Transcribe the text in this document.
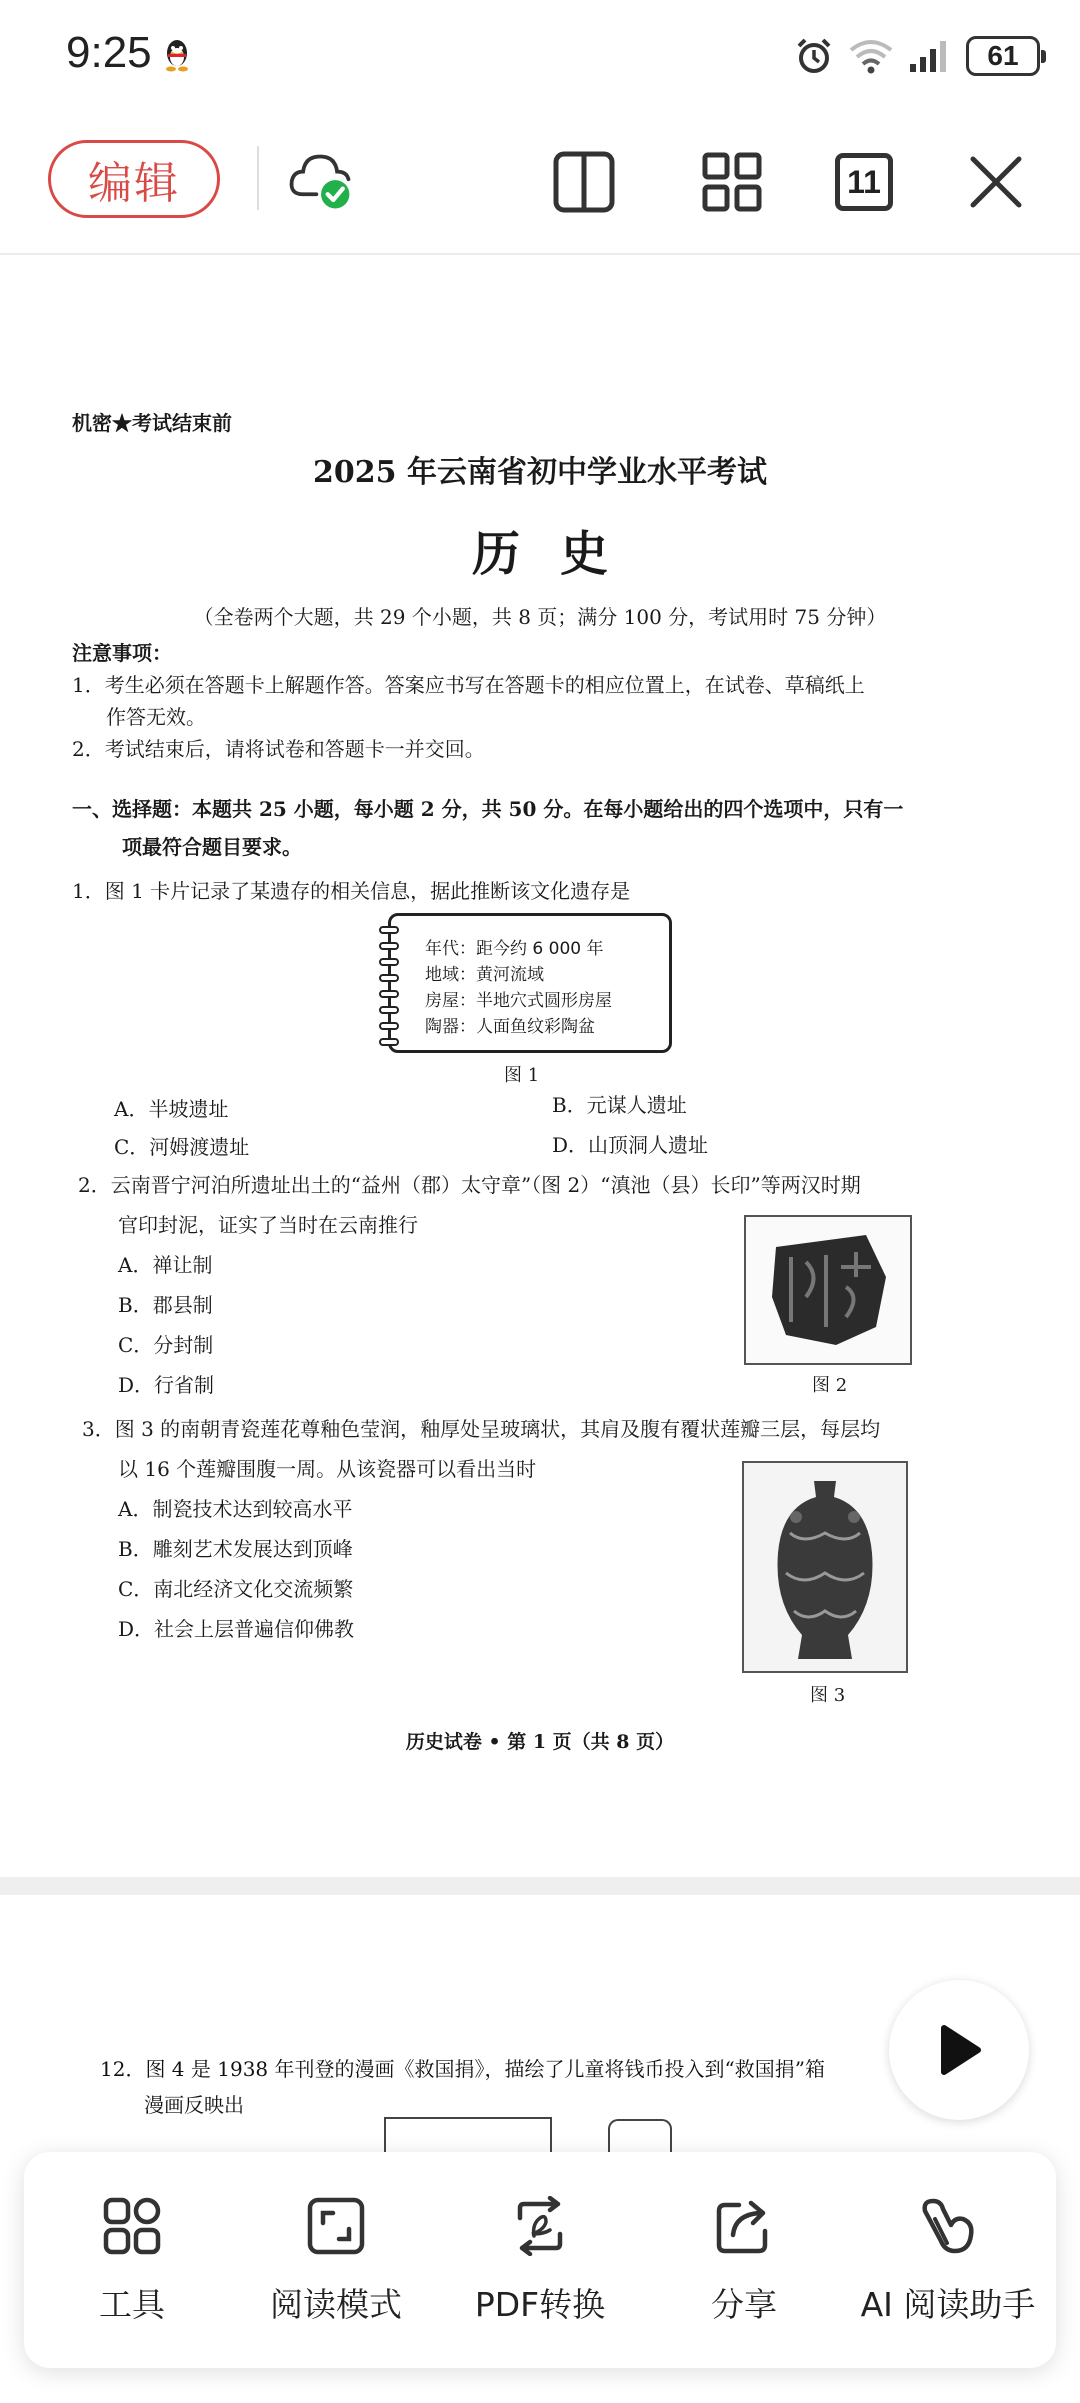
9:25	61
编辑	11
机密★考试结束前
2025 年云南省初中学业水平考试
历史
（全卷两个大题，共 29 个小题，共 8 页；满分 100 分，考试用时 75 分钟）
注意事项：
1．考生必须在答题卡上解题作答。答案应书写在答题卡的相应位置上，在试卷、草稿纸上
作答无效。
2．考试结束后，请将试卷和答题卡一并交回。
一、选择题：本题共 25 小题，每小题 2 分，共 50 分。在每小题给出的四个选项中，只有一
项最符合题目要求。
1．图 1 卡片记录了某遗存的相关信息，据此推断该文化遗存是
年代：距今约 6 000 年
地域：黄河流域
房屋：半地穴式圆形房屋
陶器：人面鱼纹彩陶盆
图 1
A．半坡遗址	B．元谋人遗址
C．河姆渡遗址	D．山顶洞人遗址
2．云南晋宁河泊所遗址出土的“益州（郡）太守章”（图 2）“滇池（县）长印”等两汉时期
官印封泥，证实了当时在云南推行
A．禅让制
B．郡县制
C．分封制
D．行省制	图 2
3．图 3 的南朝青瓷莲花尊釉色莹润，釉厚处呈玻璃状，其肩及腹有覆状莲瓣三层，每层均
以 16 个莲瓣围腹一周。从该瓷器可以看出当时
A．制瓷技术达到较高水平
B．雕刻艺术发展达到顶峰
C．南北经济文化交流频繁
D．社会上层普遍信仰佛教
图 3
历史试卷 • 第 1 页（共 8 页）
12．图 4 是 1938 年刊登的漫画《救国捐》，描绘了儿童将钱币投入到“救国捐”箱
漫画反映出
工具	阅读模式 PDF转换	分享	AI 阅读助手
